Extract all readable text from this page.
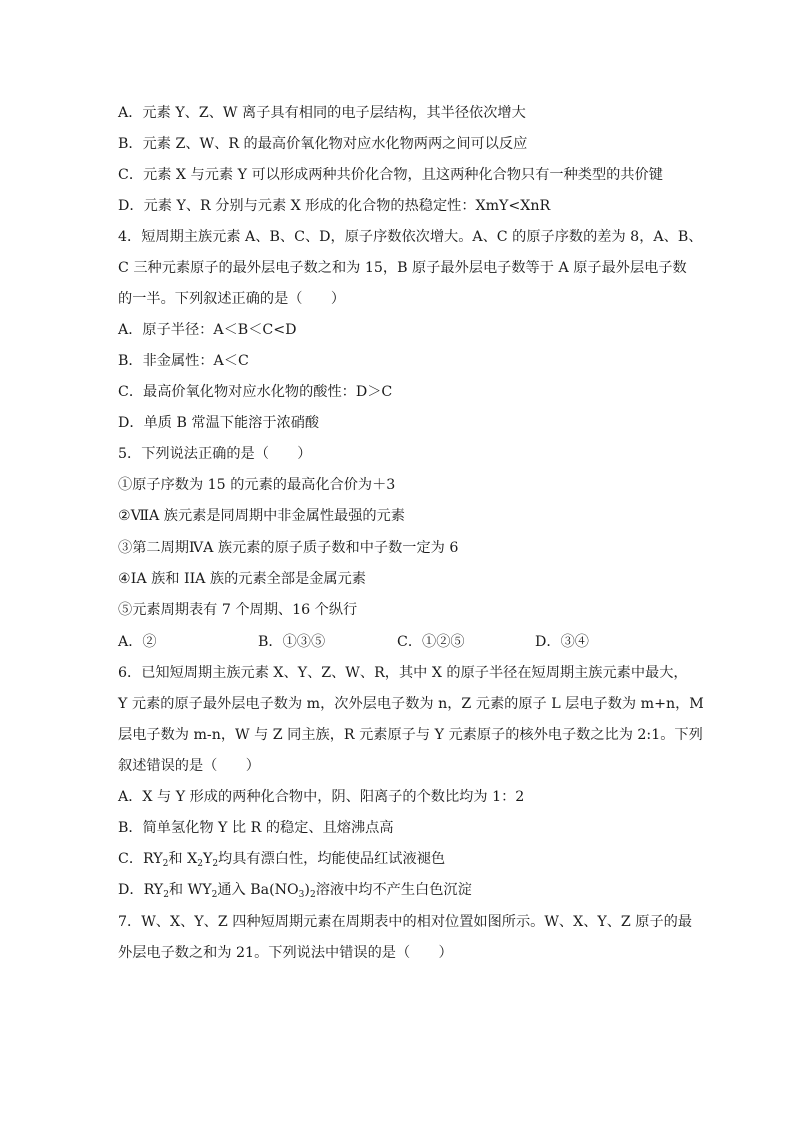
A．元素 Y、Z、W 离子具有相同的电子层结构，其半径依次增大
B．元素 Z、W、R 的最高价氧化物对应水化物两两之间可以反应
C．元素 X 与元素 Y 可以形成两种共价化合物，且这两种化合物只有一种类型的共价键
D．元素 Y、R 分别与元素 X 形成的化合物的热稳定性：XmY<XnR
4．短周期主族元素 A、B、C、D，原子序数依次增大。A、C 的原子序数的差为 8，A、B、
C 三种元素原子的最外层电子数之和为 15，B 原子最外层电子数等于 A 原子最外层电子数
的一半。下列叙述正确的是（　　）
A．原子半径：A＜B＜C<D
B．非金属性：A＜C
C．最高价氧化物对应水化物的酸性：D＞C
D．单质 B 常温下能溶于浓硝酸
5．下列说法正确的是（　　）
①原子序数为 15 的元素的最高化合价为＋3
②ⅦA 族元素是同周期中非金属性最强的元素
③第二周期ⅣA 族元素的原子质子数和中子数一定为 6
④IA 族和 IIA 族的元素全部是金属元素
⑤元素周期表有 7 个周期、16 个纵行
A．②	B．①③⑤	C．①②⑤	D．③④
6．已知短周期主族元素 X、Y、Z、W、R，其中 X 的原子半径在短周期主族元素中最大，
Y 元素的原子最外层电子数为 m，次外层电子数为 n，Z 元素的原子 L 层电子数为 m+n，M
层电子数为 m-n，W 与 Z 同主族，R 元素原子与 Y 元素原子的核外电子数之比为 2:1。下列
叙述错误的是（　　）
A．X 与 Y 形成的两种化合物中，阴、阳离子的个数比均为 1：2
B．简单氢化物 Y 比 R 的稳定、且熔沸点高
C．$RY_2$和 $X_2Y_2$均具有漂白性，均能使品红试液褪色
D．$RY_2$和 $WY_2$通入 $Ba(NO_3)_2$溶液中均不产生白色沉淀
7．W、X、Y、Z 四种短周期元素在周期表中的相对位置如图所示。W、X、Y、Z 原子的最
外层电子数之和为 21。下列说法中错误的是（　　）
